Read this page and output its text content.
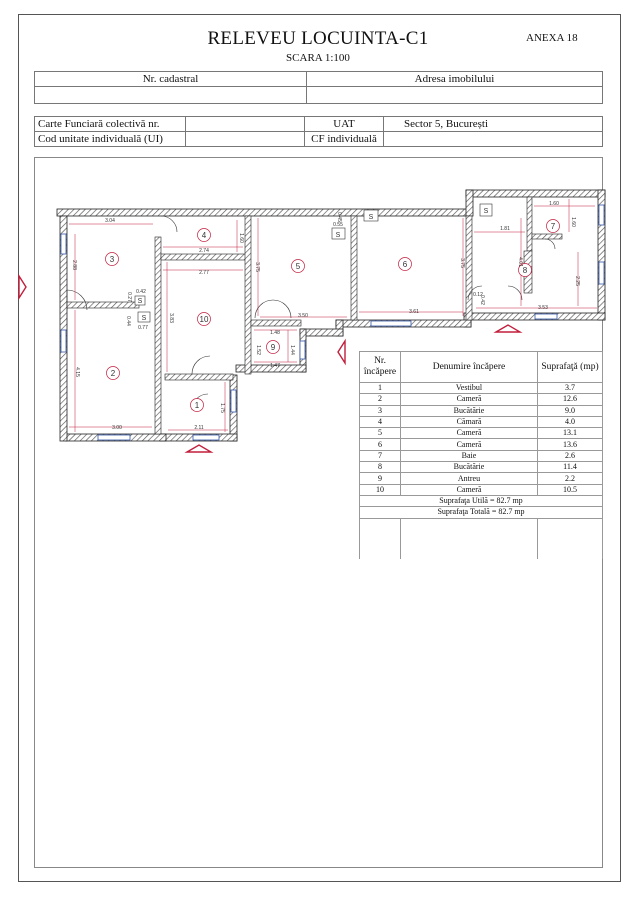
RELEVEU LOCUINTA-C1
SCARA 1:100
ANEXA 18
Nr. cadastral	Adresa imobilului

Carte Funciară colectivă nr.		UAT	Sector 5, București
Cod unitate individuală (UI)		CF individuală	
3
2
1
4
10
5	6
7
8
9
S
S
S
S
S
3.04
2.74
1.60
2.77
3.75
0.45
0.55
3.75	4.01
1.81
1.60
1.60
2.25
2.88
0.42
0.27
0.44
0.77
3.83	3.50
3.61
0.12
0.42
3.53
1.48
1.52	1.44
1.47
4.15
3.00	2.11
1.75
Nr. încăpere	Denumire încăpere	Suprafaţă (mp)
1	Vestibul	3.7
2	Cameră	12.6
3	Bucătărie	9.0
4	Cămară	4.0
5	Cameră	13.1
6	Cameră	13.6
7	Baie	2.6
8	Bucătărie	11.4
9	Antreu	2.2
10	Cameră	10.5
Suprafaţa Utilă = 82.7 mp		
Suprafaţa Totală = 82.7 mp		
